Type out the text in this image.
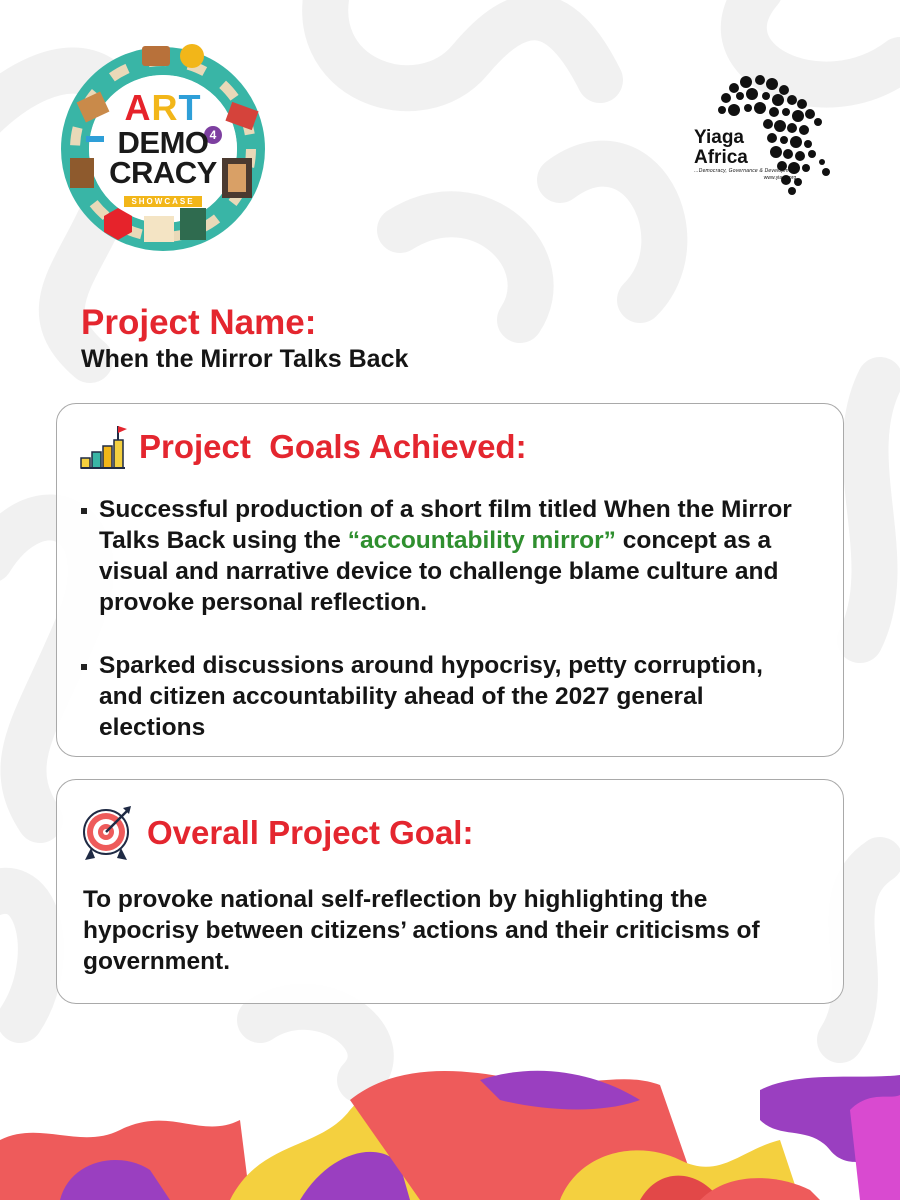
ART
4
DEMO
CRACY
SHOWCASE
Yiaga
Africa
...Democracy, Governance & Development
www.yiaga.org
Project Name:
When the Mirror Talks Back
Project  Goals Achieved:
Successful production of a short film titled When the Mirror Talks Back using the “accountability mirror” concept as a visual and narrative device to challenge blame culture and provoke personal reflection.
Sparked discussions around hypocrisy, petty corruption, and citizen accountability ahead of the 2027 general elections
Overall Project Goal:

To provoke national self-reflection by highlighting the hypocrisy between citizens’ actions and their criticisms of government.
